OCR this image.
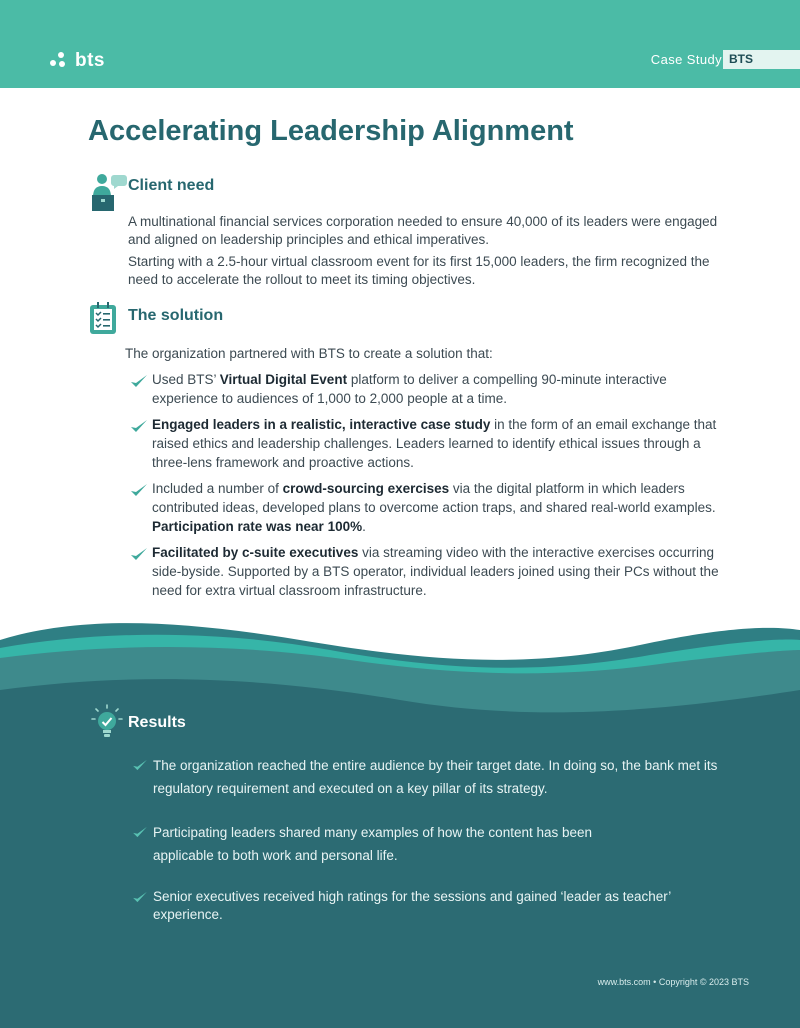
bts	Case Study BTS
Accelerating Leadership Alignment
Client need

A multinational financial services corporation needed to ensure 40,000 of its leaders were engaged and aligned on leadership principles and ethical imperatives.

Starting with a 2.5-hour virtual classroom event for its first 15,000 leaders, the firm recognized the need to accelerate the rollout to meet its timing objectives.

The solution

The organization partnered with BTS to create a solution that:

Used BTS’ Virtual Digital Event platform to deliver a compelling 90-minute interactive experience to audiences of 1,000 to 2,000 people at a time.
Engaged leaders in a realistic, interactive case study in the form of an email exchange that raised ethics and leadership challenges. Leaders learned to identify ethical issues through a three-lens framework and proactive actions.
Included a number of crowd-sourcing exercises via the digital platform in which leaders contributed ideas, developed plans to overcome action traps, and shared real-world examples. Participation rate was near 100%.
Facilitated by c-suite executives via streaming video with the interactive exercises occurring side-byside. Supported by a BTS operator, individual leaders joined using their PCs without the need for extra virtual classroom infrastructure.
Results
The organization reached the entire audience by their target date. In doing so, the bank met its regulatory requirement and executed on a key pillar of its strategy.
Participating leaders shared many examples of how the content has been applicable to both work and personal life.
Senior executives received high ratings for the sessions and gained ‘leader as teacher’ experience.
www.bts.com • Copyright © 2023 BTS
